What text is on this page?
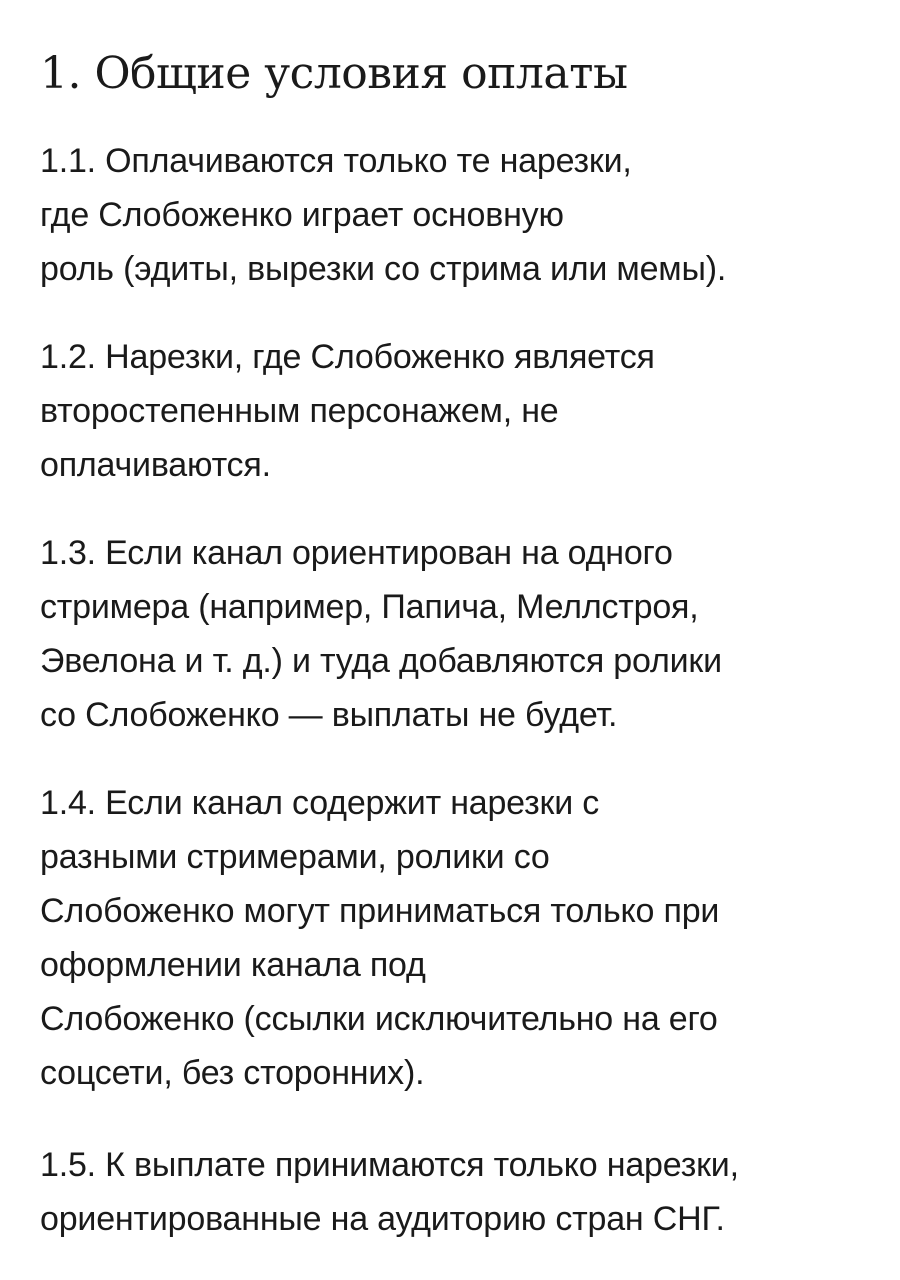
1. Общие условия оплаты

1.1. Оплачиваются только те нарезки,
где Слобоженко играет основную
роль (эдиты, вырезки со стрима или мемы).

1.2. Нарезки, где Слобоженко является
второстепенным персонажем, не
оплачиваются.

1.3. Если канал ориентирован на одного
стримера (например, Папича, Меллстроя,
Эвелона и т. д.) и туда добавляются ролики
со Слобоженко — выплаты не будет.

1.4. Если канал содержит нарезки с
разными стримерами, ролики со
Слобоженко могут приниматься только при
оформлении канала под
Слобоженко (ссылки исключительно на его
соцсети, без сторонних).

1.5. К выплате принимаются только нарезки,
ориентированные на аудиторию стран СНГ.
